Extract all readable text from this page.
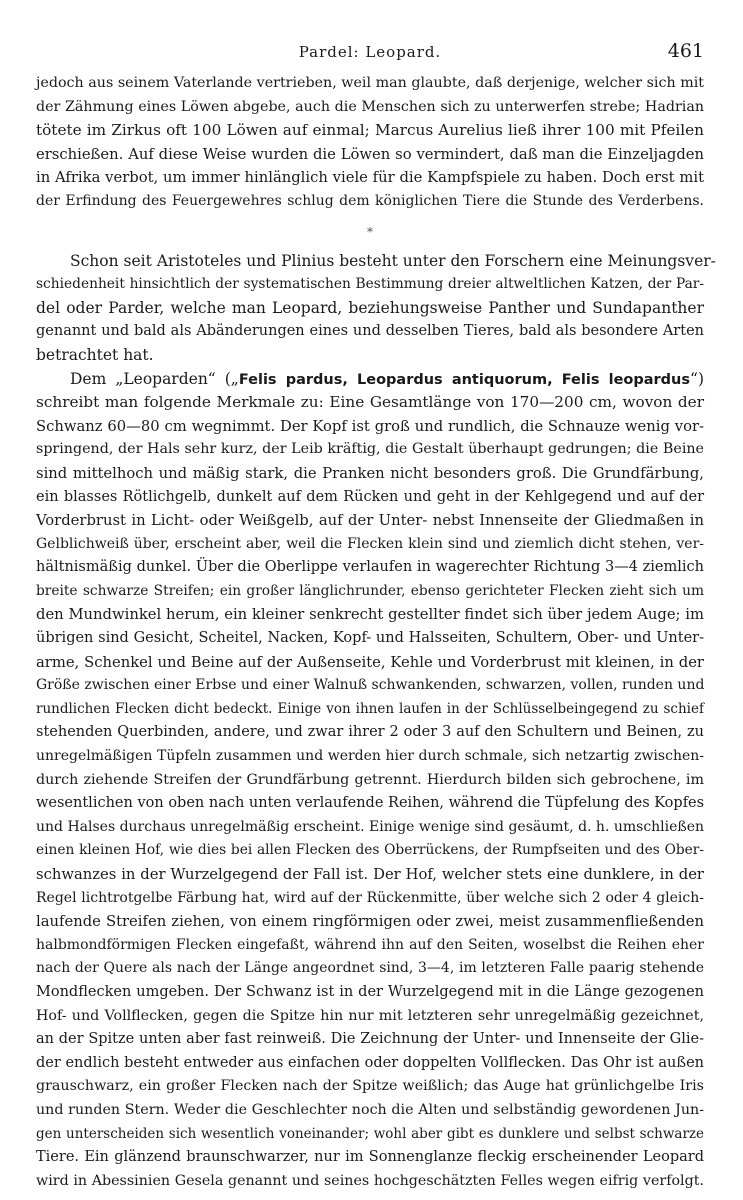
Pardel: Leopard.	461
jedoch aus seinem Vaterlande vertrieben, weil man glaubte, daß derjenige, welcher sich mit
der Zähmung eines Löwen abgebe, auch die Menschen sich zu unterwerfen strebe; Hadrian
tötete im Zirkus oft 100 Löwen auf einmal; Marcus Aurelius ließ ihrer 100 mit Pfeilen
erschießen. Auf diese Weise wurden die Löwen so vermindert, daß man die Einzeljagden
in Afrika verbot, um immer hinlänglich viele für die Kampfspiele zu haben. Doch erst mit
der Erfindung des Feuergewehres schlug dem königlichen Tiere die Stunde des Verderbens.
*
Schon seit Aristoteles und Plinius besteht unter den Forschern eine Meinungsver-
schiedenheit hinsichtlich der systematischen Bestimmung dreier altweltlichen Katzen, der Par-
del oder Parder, welche man Leopard, beziehungsweise Panther und Sundapanther
genannt und bald als Abänderungen eines und desselben Tieres, bald als besondere Arten
betrachtet hat.
Dem „Leoparden“ („Felis pardus, Leopardus antiquorum, Felis leopardus“)
schreibt man folgende Merkmale zu: Eine Gesamtlänge von 170—200 cm, wovon der
Schwanz 60—80 cm wegnimmt. Der Kopf ist groß und rundlich, die Schnauze wenig vor-
springend, der Hals sehr kurz, der Leib kräftig, die Gestalt überhaupt gedrungen; die Beine
sind mittelhoch und mäßig stark, die Pranken nicht besonders groß. Die Grundfärbung,
ein blasses Rötlichgelb, dunkelt auf dem Rücken und geht in der Kehlgegend und auf der
Vorderbrust in Licht- oder Weißgelb, auf der Unter- nebst Innenseite der Gliedmaßen in
Gelblichweiß über, erscheint aber, weil die Flecken klein sind und ziemlich dicht stehen, ver-
hältnismäßig dunkel. Über die Oberlippe verlaufen in wagerechter Richtung 3—4 ziemlich
breite schwarze Streifen; ein großer länglichrunder, ebenso gerichteter Flecken zieht sich um
den Mundwinkel herum, ein kleiner senkrecht gestellter findet sich über jedem Auge; im
übrigen sind Gesicht, Scheitel, Nacken, Kopf- und Halsseiten, Schultern, Ober- und Unter-
arme, Schenkel und Beine auf der Außenseite, Kehle und Vorderbrust mit kleinen, in der
Größe zwischen einer Erbse und einer Walnuß schwankenden, schwarzen, vollen, runden und
rundlichen Flecken dicht bedeckt. Einige von ihnen laufen in der Schlüsselbeingegend zu schief
stehenden Querbinden, andere, und zwar ihrer 2 oder 3 auf den Schultern und Beinen, zu
unregelmäßigen Tüpfeln zusammen und werden hier durch schmale, sich netzartig zwischen-
durch ziehende Streifen der Grundfärbung getrennt. Hierdurch bilden sich gebrochene, im
wesentlichen von oben nach unten verlaufende Reihen, während die Tüpfelung des Kopfes
und Halses durchaus unregelmäßig erscheint. Einige wenige sind gesäumt, d. h. umschließen
einen kleinen Hof, wie dies bei allen Flecken des Oberrückens, der Rumpfseiten und des Ober-
schwanzes in der Wurzelgegend der Fall ist. Der Hof, welcher stets eine dunklere, in der
Regel lichtrotgelbe Färbung hat, wird auf der Rückenmitte, über welche sich 2 oder 4 gleich-
laufende Streifen ziehen, von einem ringförmigen oder zwei, meist zusammenfließenden
halbmondförmigen Flecken eingefaßt, während ihn auf den Seiten, woselbst die Reihen eher
nach der Quere als nach der Länge angeordnet sind, 3—4, im letzteren Falle paarig stehende
Mondflecken umgeben. Der Schwanz ist in der Wurzelgegend mit in die Länge gezogenen
Hof- und Vollflecken, gegen die Spitze hin nur mit letzteren sehr unregelmäßig gezeichnet,
an der Spitze unten aber fast reinweiß. Die Zeichnung der Unter- und Innenseite der Glie-
der endlich besteht entweder aus einfachen oder doppelten Vollflecken. Das Ohr ist außen
grauschwarz, ein großer Flecken nach der Spitze weißlich; das Auge hat grünlichgelbe Iris
und runden Stern. Weder die Geschlechter noch die Alten und selbständig gewordenen Jun-
gen unterscheiden sich wesentlich voneinander; wohl aber gibt es dunklere und selbst schwarze
Tiere. Ein glänzend braunschwarzer, nur im Sonnenglanze fleckig erscheinender Leopard
wird in Abessinien Gesela genannt und seines hochgeschätzten Felles wegen eifrig verfolgt.
